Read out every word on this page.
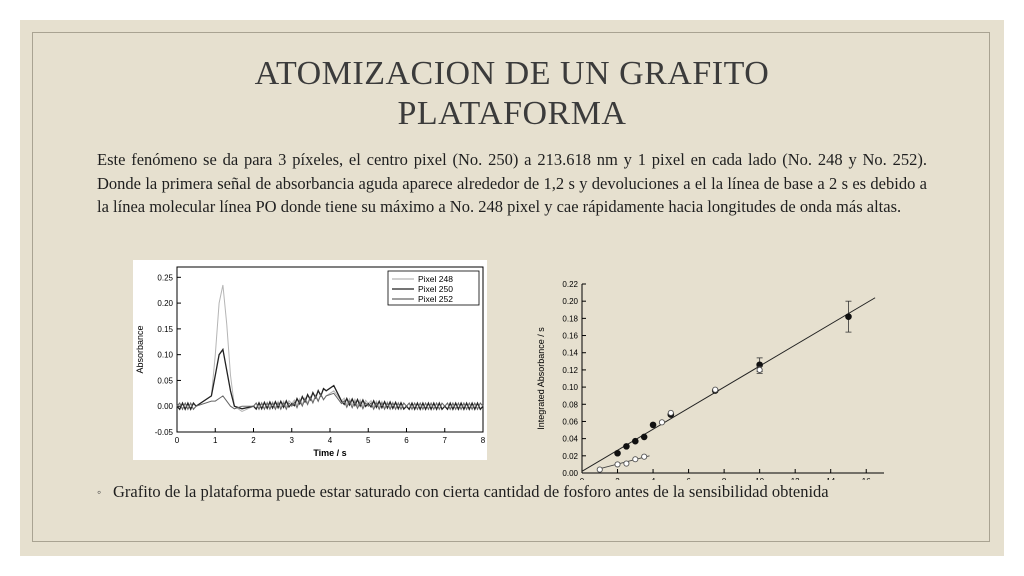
ATOMIZACION DE UN GRAFITO
PLATAFORMA
Este fenómeno se da para 3 píxeles, el centro pixel (No. 250) a 213.618 nm y 1 pixel en cada lado (No. 248 y No. 252). Donde la primera señal de absorbancia aguda aparece alrededor de 1,2 s y devoluciones a el la línea de base a 2 s es debido a la línea molecular línea PO donde tiene su máximo a No. 248 pixel y cae rápidamente hacia longitudes de onda más altas.
0	1	2	3	4	5	6	7	8
-0.05
0.00
0.05
0.10
0.15
0.20
0.25
Time / s
Absorbance
Pixel 248
Pixel 250
Pixel 252
0.00
0.02
0.04
0.06
0.08
0.10
0.12
0.14
0.16
0.18
0.20
0.22
Integrated Absorbance / s
◦ Grafito de la plataforma puede estar saturado con cierta cantidad de fosforo antes de la sensibilidad obtenida
